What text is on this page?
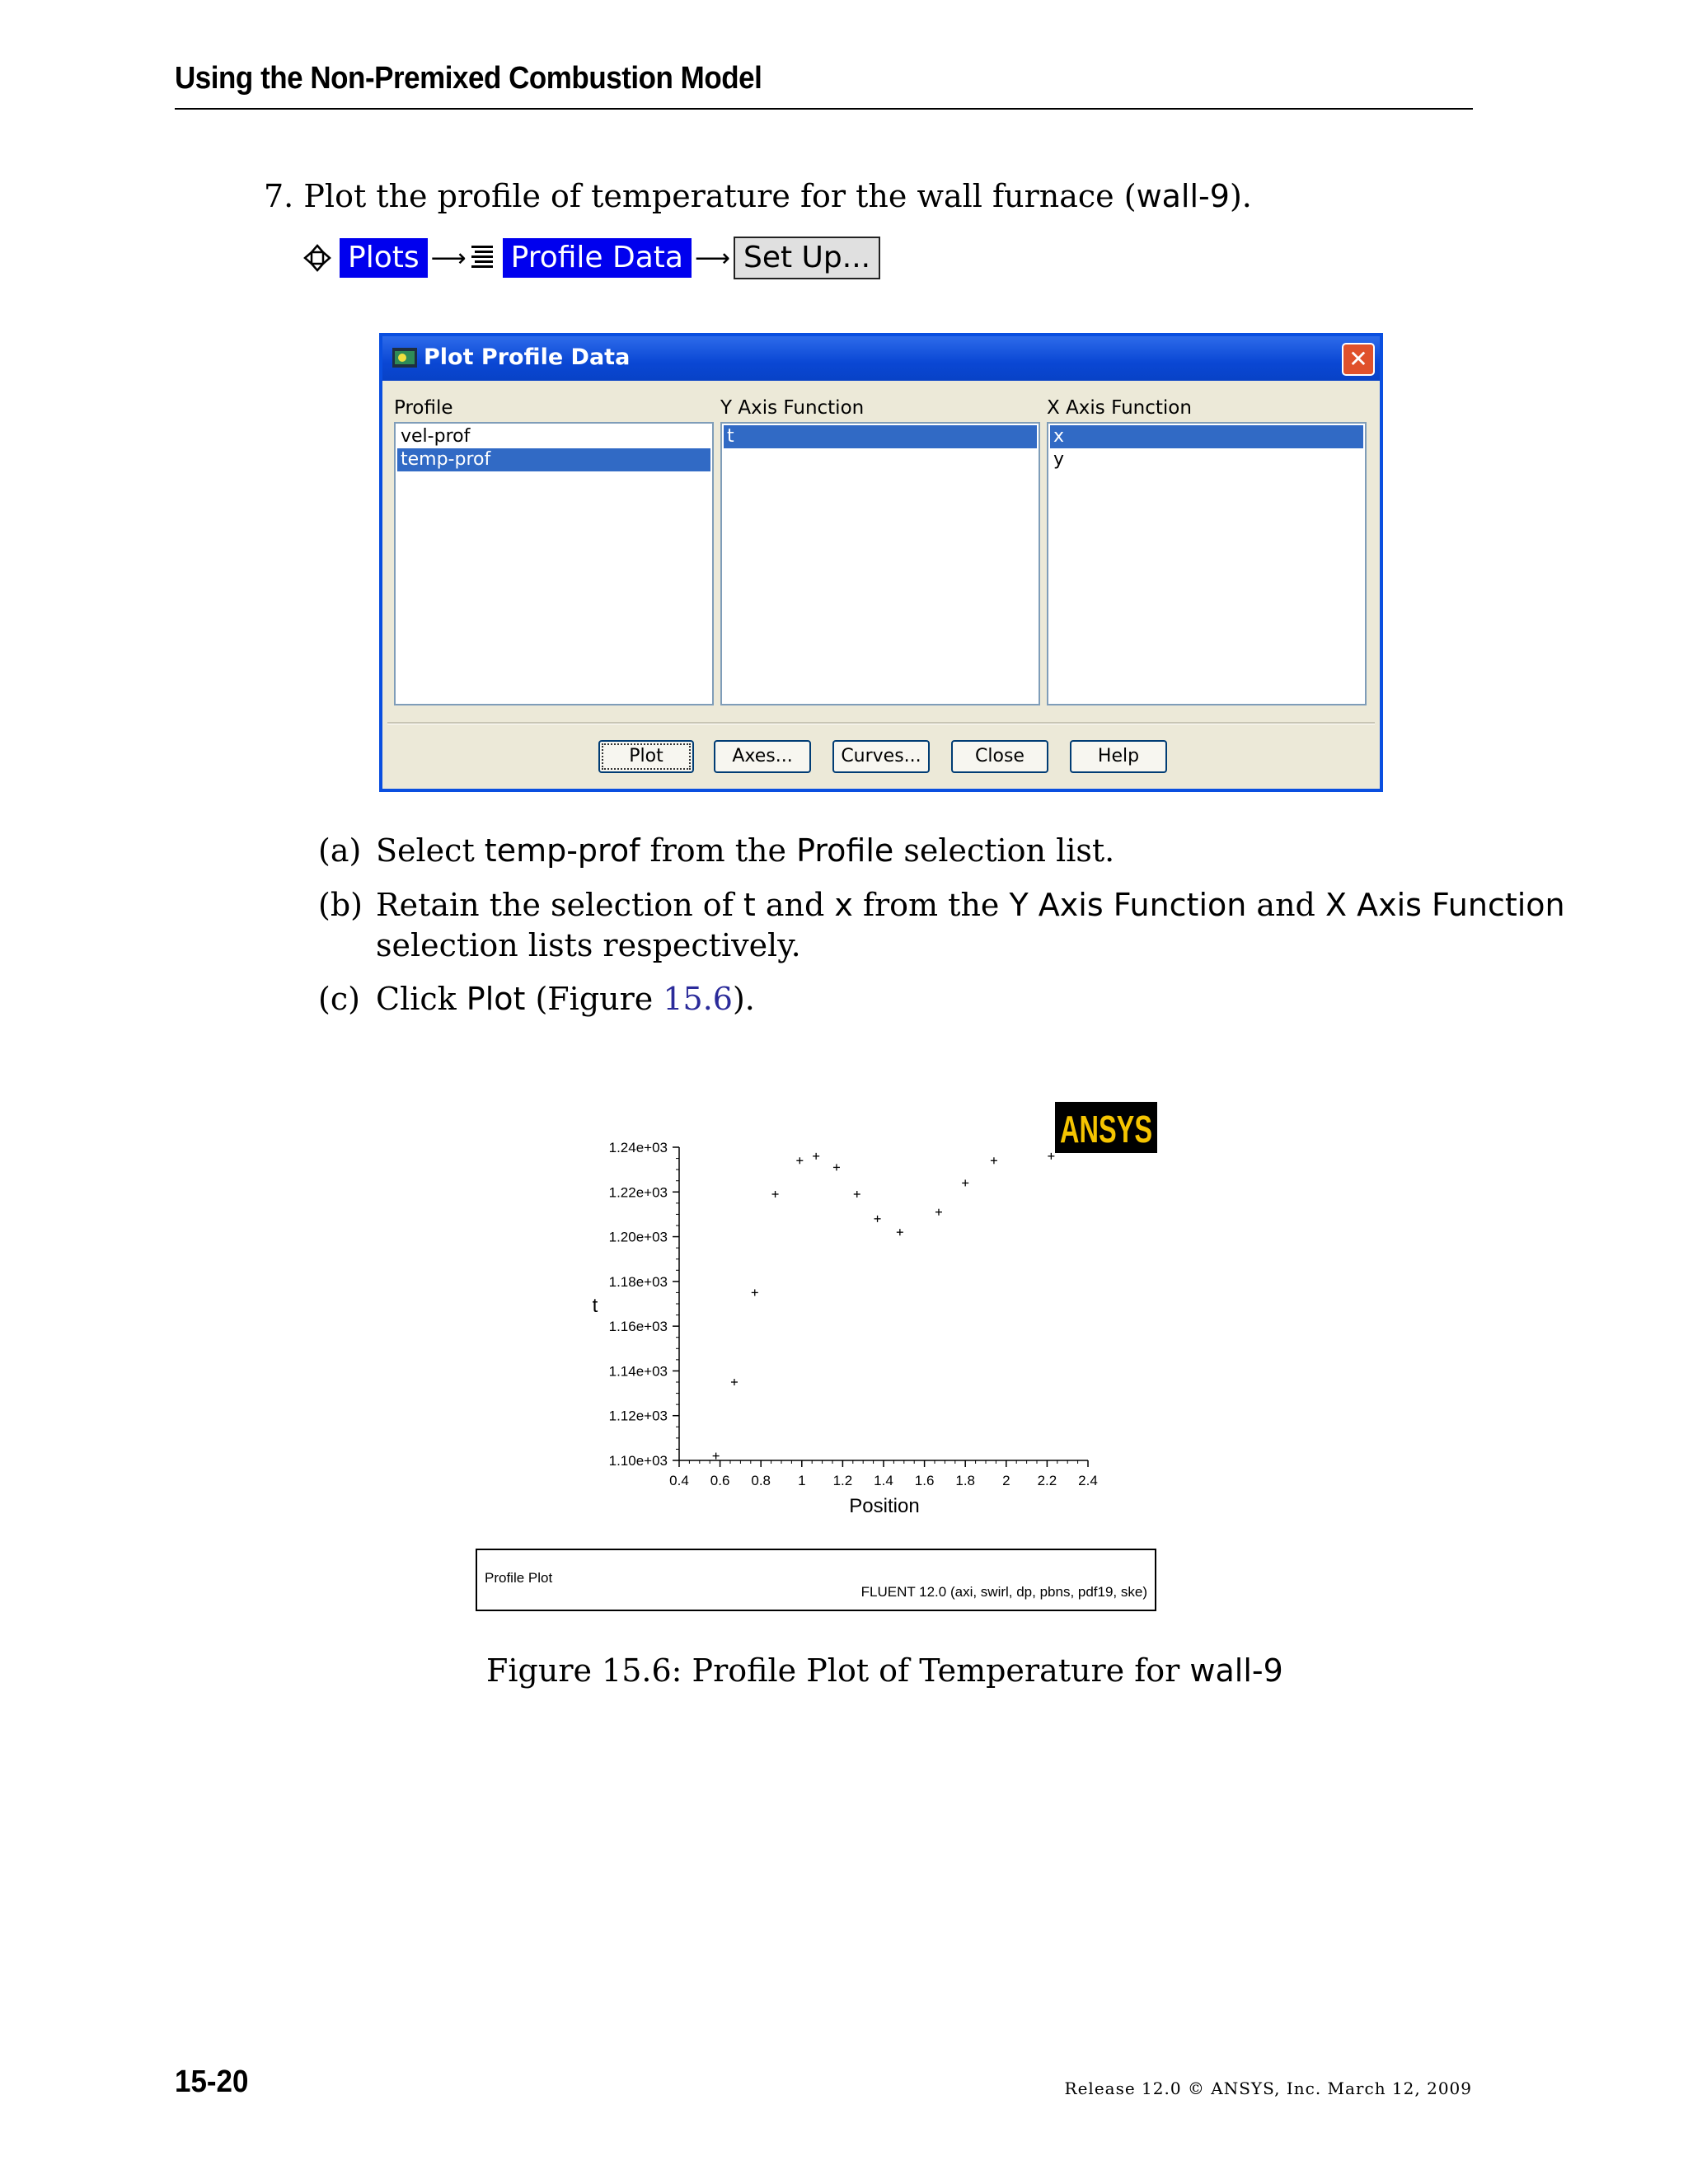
Using the Non-Premixed Combustion Model
7. Plot the profile of temperature for the wall furnace (wall-9).
Plots ⟶ Profile Data ⟶ Set Up...
Plot Profile Data	✕
Profile
vel-prof
temp-prof
Y Axis Function
t
X Axis Function
x
y
Plot	Axes...	Curves...	Close	Help
(a) Select temp-prof from the Profile selection list.
(b) Retain the selection of t and x from the Y Axis Function and X Axis Function
selection lists respectively.
(c) Click Plot (Figure 15.6).
1.10e+03
1.12e+03
1.14e+03
1.16e+03
1.18e+03
1.20e+03
1.22e+03
1.24e+03
0.4 0.6 0.8 1 1.2 1.4 1.6 1.8 2 2.2 2.4
t
Position
ANSYS
Profile Plot
FLUENT 12.0 (axi, swirl, dp, pbns, pdf19, ske)
Figure 15.6: Profile Plot of Temperature for wall-9
15-20	Release 12.0 © ANSYS, Inc. March 12, 2009
